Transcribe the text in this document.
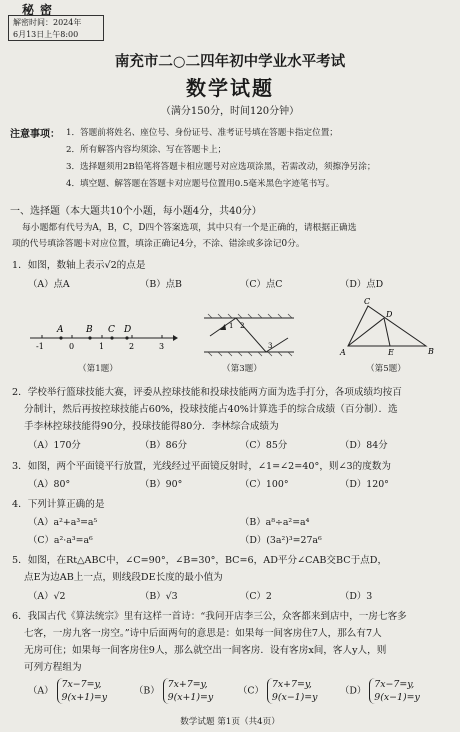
秘密
解密时间：2024年
6月13日上午8:00
南充市二○二四年初中学业水平考试
数学试题
（满分150分，时间120分钟）
注意事项： 1．答题前将姓名、座位号、身份证号、准考证号填在答题卡指定位置；
2．所有解答内容均须涂、写在答题卡上；
3．选择题须用2B铅笔将答题卡相应题号对应选项涂黑，若需改动，须擦净另涂；
4．填空题、解答题在答题卡对应题号位置用0.5毫米黑色字迹笔书写。
一、选择题（本大题共10个小题，每小题4分，共40分）
每小题都有代号为A，B，C，D四个答案选项，其中只有一个是正确的，请根据正确选
项的代号填涂答题卡对应位置，填涂正确记4分，不涂、错涂或多涂记0分。
1．如图，数轴上表示√2的点是
（A）点A	（B）点B	（C）点C	（D）点D
A	B C D
-1	0	1	2	3
（第1题）
1 2
3
（第3题）
C
D
A	E	B
（第5题）
2．学校举行篮球技能大赛，评委从控球技能和投球技能两方面为选手打分，各项成绩均按百
分制计，然后再按控球技能占60%，投球技能占40%计算选手的综合成绩（百分制）．选
手李林控球技能得90分，投球技能得80分．李林综合成绩为
（A）170分	（B）86分	（C）85分	（D）84分
3．如图，两个平面镜平行放置，光线经过平面镜反射时，∠1=∠2=40°，则∠3的度数为
（A）80°	（B）90°	（C）100°	（D）120°
4．下列计算正确的是
（A）a²+a³=a⁵	（B）a⁸÷a²=a⁴
（C）a²·a³=a⁶	（D）(3a²)³=27a⁶
5．如图，在Rt△ABC中，∠C=90°，∠B=30°，BC=6，AD平分∠CAB交BC于点D，
点E为边AB上一点，则线段DE长度的最小值为
（A）√2	（B）√3	（C）2	（D）3
6．我国古代《算法统宗》里有这样一首诗：“我问开店李三公，众客都来到店中，一房七客多
七客，一房九客一房空。”诗中后面两句的意思是：如果每一间客房住7人，那么有7人
无房可住；如果每一间客房住9人，那么就空出一间客房．设有客房x间，客人y人，则
可列方程组为
（A）
7x−7=y,
9(x+1)=y
（B）
7x+7=y,
9(x+1)=y
（C）
7x+7=y,
9(x−1)=y
（D）
7x−7=y,
9(x−1)=y
数学试题 第1页（共4页）
